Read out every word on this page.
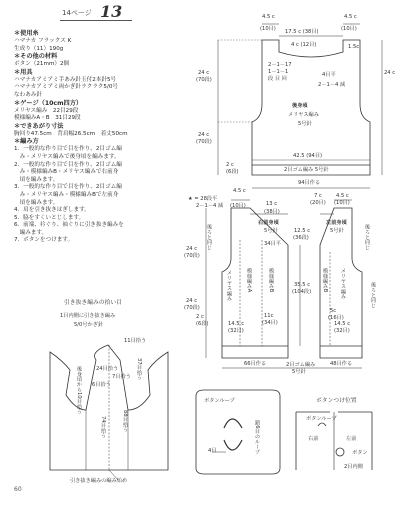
14ページ 13
＊使用糸
ハマナカ フラックス K
生成り（11）190g
＊その他の材料
ボタン（21mm）2個
＊用具
ハマナカアミアミ手あみ針玉付2本針5号
ハマナカアミアミ両かぎ針ラクラク5/0号
なわあみ針
＊ゲージ（10cm四方）
メリヤス編み　22目29段
模様編みA・B　31目29段
＊できあがり寸法
胸回り47.5cm　背肩幅26.5cm　着丈50cm
＊編み方
1．一般的な作り目で目を作り、2目ゴム編
　み・メリヤス編みで後身頃を編みます。
2．一般的な作り目で目を作り、2目ゴム編
　み・模様編みB・メリヤス編みで右前身
　頃を編みます。
3．一般的な作り目で目を作り、2目ゴム編
　み・メリヤス編み・模様編みBで左前身
　頃を編みます。
4．肩を引き抜きはぎします。
5．脇をすくいとじします。
6．前端、衿ぐり、袖ぐりに引き抜き編みを
　編みます。
7．ボタンをつけます。
4.5 c
(10目) 17.5 c (38目)
4.5 c
(10目)
4 c (12目)	1.5c
2－1－17
1－1－1
段 目 回
4目平
2－1－4 減
24 c
(70段)
24 c
(70段)
後身頃
メリヤス編み
5号針
24 c
42.5 (94目)
2目ゴム編み 5号針
2 c
(6段)
94目作る
★ = 28段平
2－1－4 減
4.5 c
(10目)	13 c
(38目)
7 c
(20目)
4.5 c
(10目)
右前身頃
5号針
左前身頃
5号針
34目平
24 c
(70段)
12.5 c
(36段)
35.5 c
(104段)
24 c
(70段)
模様編みA	模様編みB
メリヤス編み	模様編みB メリヤス編み
後ろと同じ	後ろと同じ
後ろと同じ
14.5 c
(32目)
11c
(34目)
5c
(16目)
14.5 c
(32目)
2 c
(6段)
66目作る	48目作る
2目ゴム編み
5号針
引き抜き編みの拾い目
1目内側に引き抜き編み
5/0号かぎ針
11目拾う
24目拾う	37目拾う
6目拾う
7目拾う
後身頃から10目拾う
88目拾う
74目拾う
引き抜き編みの編み始め
ボタンループ
鎖6目のループ
4目
ボタンつけ位置
ボタンループ
右前	左前
2目内側
ボタン
60
